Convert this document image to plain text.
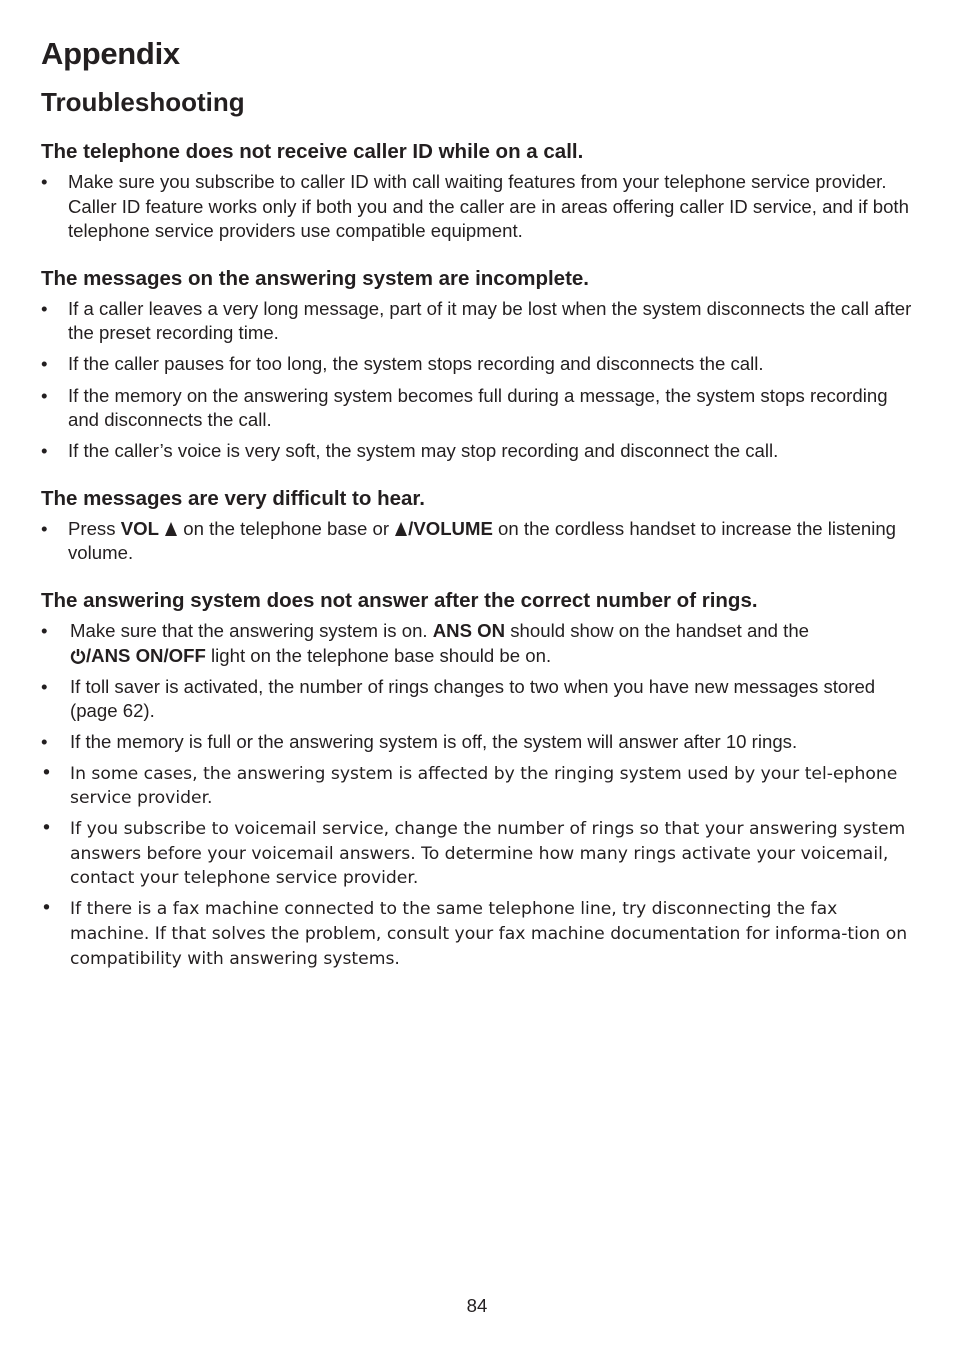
Appendix
Troubleshooting
The telephone does not receive caller ID while on a call.
• Make sure you subscribe to caller ID with call waiting features from your telephone service provider. Caller ID feature works only if both you and the caller are in areas offering caller ID service, and if both telephone service providers use compatible equipment.
The messages on the answering system are incomplete.
• If a caller leaves a very long message, part of it may be lost when the system disconnects the call after the preset recording time.
• If the caller pauses for too long, the system stops recording and disconnects the call.
• If the memory on the answering system becomes full during a message, the system stops recording and disconnects the call.
• If the caller’s voice is very soft, the system may stop recording and disconnect the call.
The messages are very difficult to hear.
• Press VOL  on the telephone base or /VOLUME on the cordless handset to increase the listening volume.
The answering system does not answer after the correct number of rings.
• Make sure that the answering system is on. ANS ON should show on the handset and the
/ANS ON/OFF light on the telephone base should be on.
• If toll saver is activated, the number of rings changes to two when you have new messages stored (page 62).
• If the memory is full or the answering system is off, the system will answer after 10 rings.
• In some cases, the answering system is affected by the ringing system used by your tel-ephone service provider.
• If you subscribe to voicemail service, change the number of rings so that your answering system answers before your voicemail answers. To determine how many rings activate your voicemail, contact your telephone service provider.
• If there is a fax machine connected to the same telephone line, try disconnecting the fax machine. If that solves the problem, consult your fax machine documentation for informa-tion on compatibility with answering systems.
84
